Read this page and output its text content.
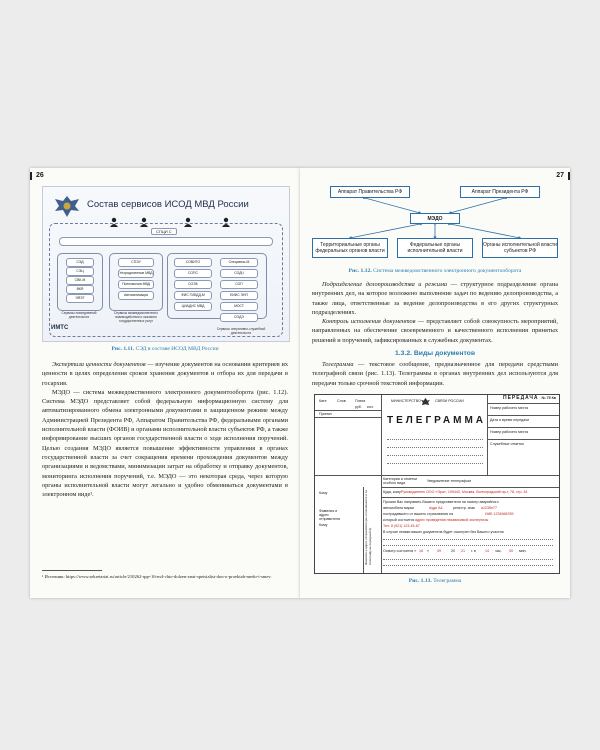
26
Состав сервисов ИСОД МВД России
СПЦИ С
СЭД
СЭЦ
СВК-М
ВКЯ
ЭЯЭТ
Сервисы повседневной деятельности
СПЭУ
Упорядоченные МВД
Полномочия МВД
Автоматизация
Сервисы межведомственного взаимодействия и оказания государственных услуг
СОВИТО
СОПС
СОЭБ
ФИС ГИБДД-М
ЦИАДИС МВД
Спецсвязь-М
СОДЧ
СОП
ЕИИС ЭНП
МОСТ
СОДЭ
Сервисы оперативно-служебной деятельности
ИМТС
Рис. 1.11. СЭД в составе ИСОД МВД России

Экспертиза ценности документов — изучение документов на основании критериев их ценности в целях определения сроков хранения документов и отбора их для передачи в госархив.

МЭДО — система межведомственного электронного документооборота (рис. 1.12). Система МЭДО представляет собой федеральную информационную систему для автоматизированного обмена электронными документами в защищенном режиме между Администрацией Президента РФ, Аппаратом Правительства РФ, федеральными органами исполнительной власти (ФОИВ) и органами исполнительной власти субъектов РФ, а также информирование высших органов государственной власти о ходе исполнения поручений. Целью создания МЭДО является повышение эффективности управления в органах государственной власти за счет сокращения времени прохождения документов между организациями и ведомствами, минимизации затрат на обработку и отправку документов, мониторинга исполнения поручений, т.е. МЭДО — это некоторая среда, через которую органы исполнительной власти могут легально и удобно обмениваться документами в электронном виде¹.

¹ Источник: https://www.sekretariat.ru/article/210262-qqe-16-m4-chto-dolzen-znat-spetsialist-dou-o-proektah-medo-i-smev.
27
Аппарат Правительства РФ	Аппарат Президента РФ
МЭДО
Территориальные органы федеральных органов власти
Федеральные органы исполнительной власти
Органы исполнительной власти субъектов РФ
Рис. 1.12. Система межведомственного электронного документооборота

Подразделение делопроизводства и режима — структурное подразделение органа внутренних дел, на которое возложено выполнение задач по ведению делопроизводства, а также лица, ответственные за ведение делопроизводства в его других структурных подразделениях.

Контроль исполнения документов — представляет собой совокупность мероприятий, направленных на обеспечение своевременного и качественного исполнения принятых решений и поручений, зафиксированных в служебных документах.

1.3.2. Виды документов

Телеграмма — текстовое сообщение, предназначенное для передачи средствами телеграфной связи (рис. 1.13). Телеграммы в органах внутренних дел используются для передачи только срочной текстовой информации.

№ 75 Кв
Кате	Слов	Плата
руб. коп.
Принял
МИНИСТЕРСТВО	СВЯЗИ РОССИИ
ТЕЛЕГРАММА
ПЕРЕДАЧА
Номер рабочего места
Дата и время передачи
Номер рабочего места
Служебные отметки
Категория и отметки особого вида
Уведомление телеграфом
Кому	Куда, кому Руководителю ООО «Эра», 109443, Москва, Волгоградский пр-т, 78, стр. 34
Фамилия и адрес отправителя
Кому
Просим Вас направить Вашего представителя на осмотр аварийного
автомобиля марки	Ауди А4	регистр. знак а123бн77
пострадавшего от вашего страхования на	ИИБ 1234568789
который состоится адрес проведения независимой экспертизы
Тел. 8 (921) 123-45-67
В случае неявки ваших документов будет осмотрен без Вашего участия
Осмотр состоится « 16 » 09	20 21 г. в	14 час. 00 мин.
Фамилия и адрес отправителя (не оплачиваются и по телеграфу не передаются)
Рис. 1.13. Телеграмма
